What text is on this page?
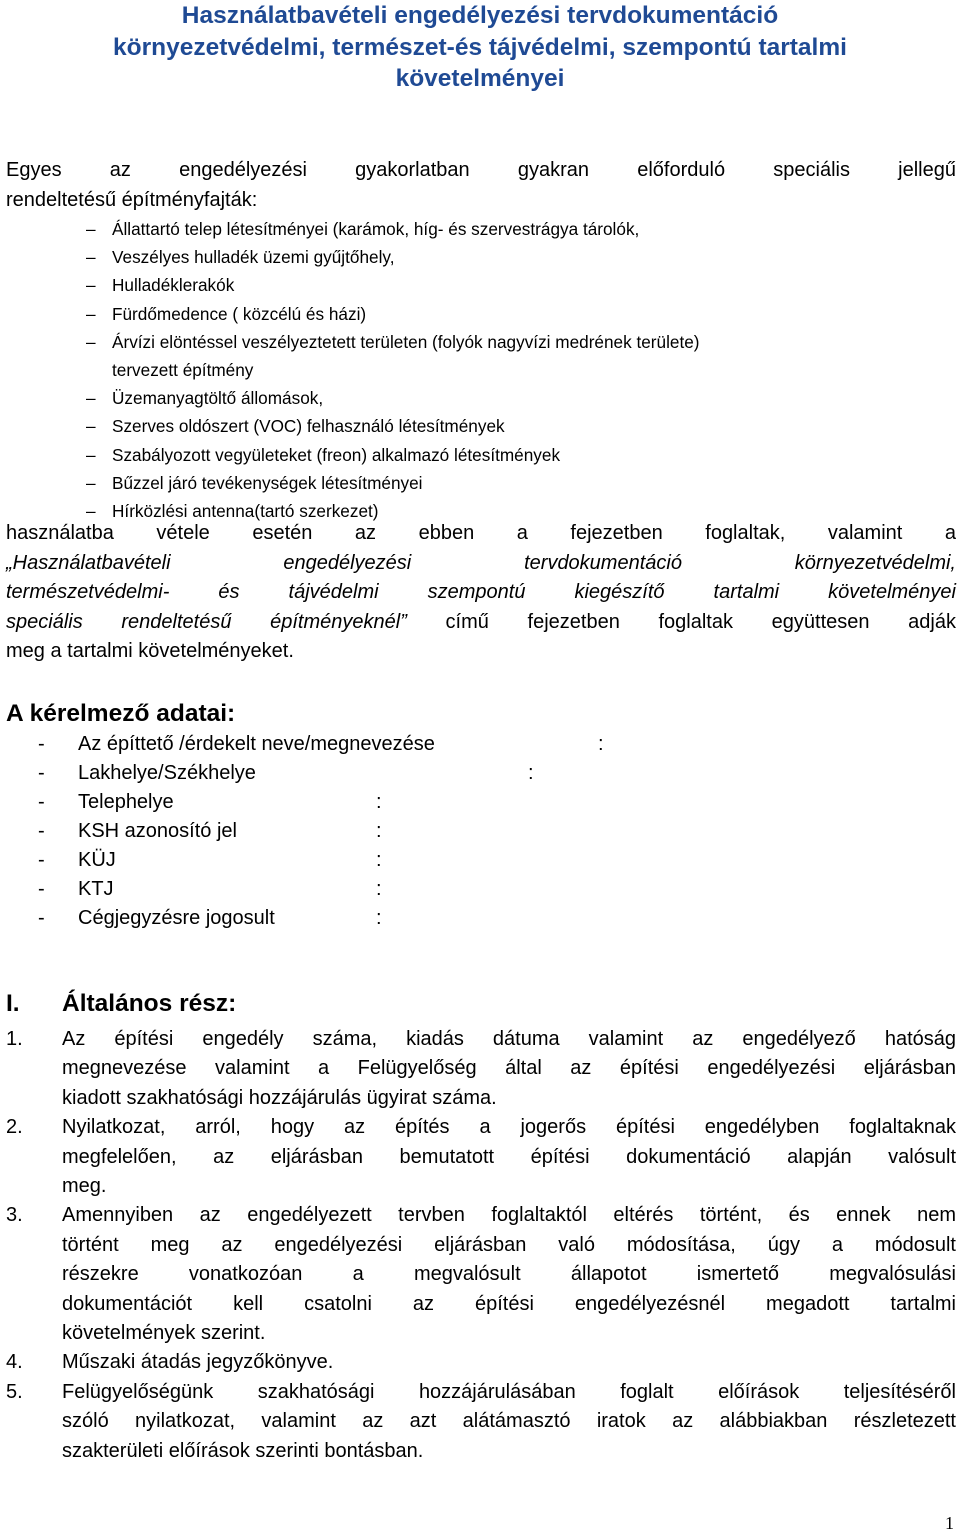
Használatbavételi engedélyezési tervdokumentáció
környezetvédelmi, természet-és tájvédelmi, szempontú tartalmi
követelményei
Egyes az engedélyezési gyakorlatban gyakran előforduló speciális jellegű
rendeltetésű építményfajták:
– Állattartó telep létesítményei (karámok, híg- és szervestrágya tárolók,
– Veszélyes hulladék üzemi gyűjtőhely,
– Hulladéklerakók
– Fürdőmedence ( közcélú és házi)
– Árvízi elöntéssel veszélyeztetett területen (folyók nagyvízi medrének területe)
tervezett építmény
– Üzemanyagtöltő állomások,
– Szerves oldószert (VOC) felhasználó létesítmények
– Szabályozott vegyületeket (freon) alkalmazó létesítmények
– Bűzzel járó tevékenységek létesítményei
– Hírközlési antenna(tartó szerkezet)
használatba vétele esetén az ebben a fejezetben foglaltak, valamint a
„Használatbavételi engedélyezési tervdokumentáció környezetvédelmi,
természetvédelmi- és tájvédelmi szempontú kiegészítő tartalmi követelményei
speciális rendeltetésű építményeknél” című fejezetben foglaltak együttesen adják
meg a tartalmi követelményeket.
A kérelmező adatai:
- Az építtető /érdekelt neve/megnevezése	:
- Lakhelye/Székhelye	:
- Telephelye	:
- KSH azonosító jel	:
- KÜJ	:
- KTJ	:
- Cégjegyzésre jogosult	:
I. Általános rész:
1. Az építési engedély száma, kiadás dátuma valamint az engedélyező hatóság
megnevezése valamint a Felügyelőség által az építési engedélyezési eljárásban
kiadott szakhatósági hozzájárulás ügyirat száma.
2. Nyilatkozat, arról, hogy az építés a jogerős építési engedélyben foglaltaknak
megfelelően, az eljárásban bemutatott építési dokumentáció alapján valósult
meg.
3. Amennyiben az engedélyezett tervben foglaltaktól eltérés történt, és ennek nem
történt meg az engedélyezési eljárásban való módosítása, úgy a módosult
részekre vonatkozóan a megvalósult állapotot ismertető megvalósulási
dokumentációt kell csatolni az építési engedélyezésnél megadott tartalmi
követelmények szerint.
4. Műszaki átadás jegyzőkönyve.
5. Felügyelőségünk szakhatósági hozzájárulásában foglalt előírások teljesítéséről
szóló nyilatkozat, valamint az azt alátámasztó iratok az alábbiakban részletezett
szakterületi előírások szerinti bontásban.
1
